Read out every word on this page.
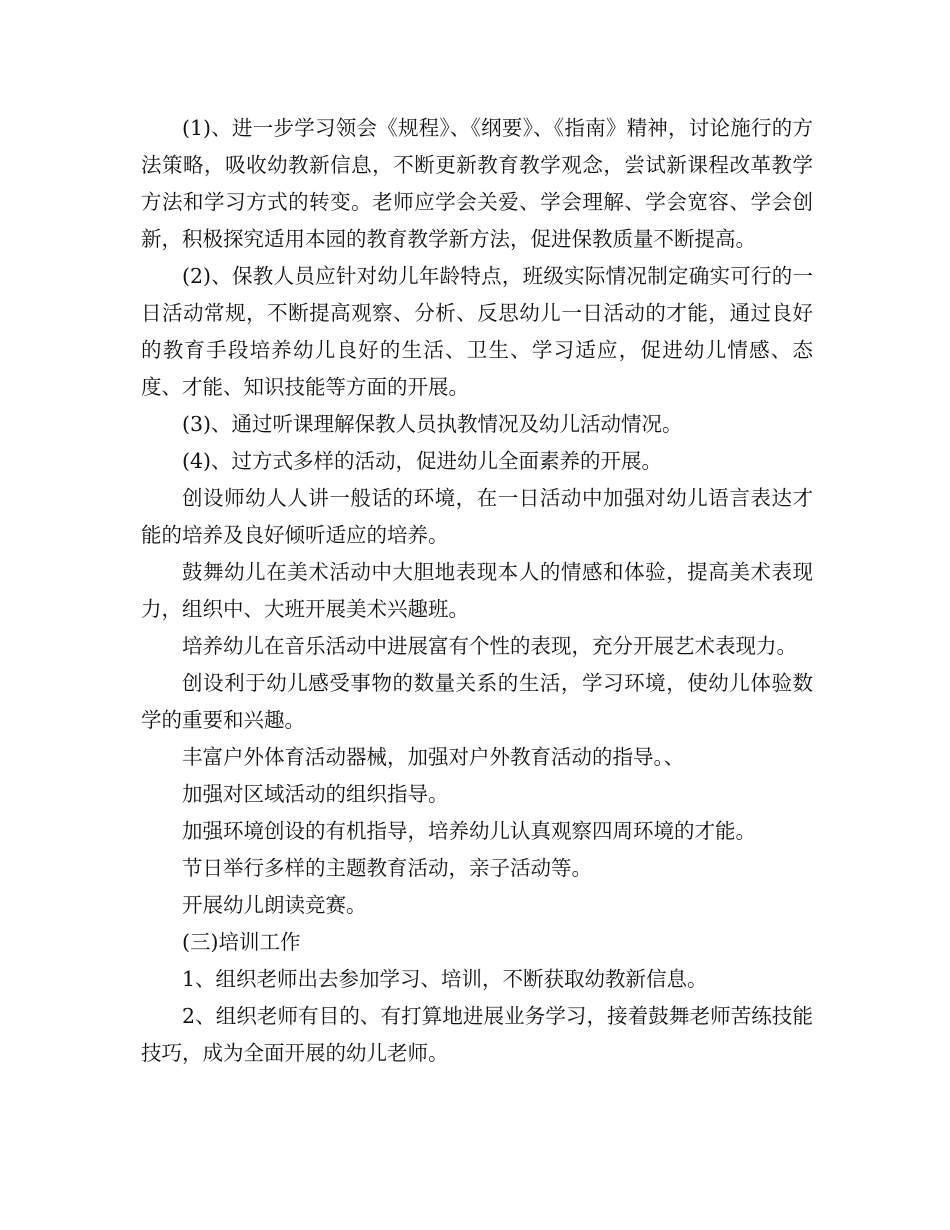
(1)、进一步学习领会《规程》、《纲要》、《指南》精神，讨论施行的方法策略，吸收幼教新信息，不断更新教育教学观念，尝试新课程改革教学方法和学习方式的转变。老师应学会关爱、学会理解、学会宽容、学会创新，积极探究适用本园的教育教学新方法，促进保教质量不断提高。

(2)、保教人员应针对幼儿年龄特点，班级实际情况制定确实可行的一日活动常规，不断提高观察、分析、反思幼儿一日活动的才能，通过良好的教育手段培养幼儿良好的生活、卫生、学习适应，促进幼儿情感、态度、才能、知识技能等方面的开展。

(3)、通过听课理解保教人员执教情况及幼儿活动情况。

(4)、过方式多样的活动，促进幼儿全面素养的开展。

创设师幼人人讲一般话的环境，在一日活动中加强对幼儿语言表达才能的培养及良好倾听适应的培养。

鼓舞幼儿在美术活动中大胆地表现本人的情感和体验，提高美术表现力，组织中、大班开展美术兴趣班。

培养幼儿在音乐活动中进展富有个性的表现，充分开展艺术表现力。

创设利于幼儿感受事物的数量关系的生活，学习环境，使幼儿体验数学的重要和兴趣。

丰富户外体育活动器械，加强对户外教育活动的指导。、

加强对区域活动的组织指导。

加强环境创设的有机指导，培养幼儿认真观察四周环境的才能。

节日举行多样的主题教育活动，亲子活动等。

开展幼儿朗读竞赛。

(三)培训工作

1、组织老师出去参加学习、培训，不断获取幼教新信息。

2、组织老师有目的、有打算地进展业务学习，接着鼓舞老师苦练技能技巧，成为全面开展的幼儿老师。
